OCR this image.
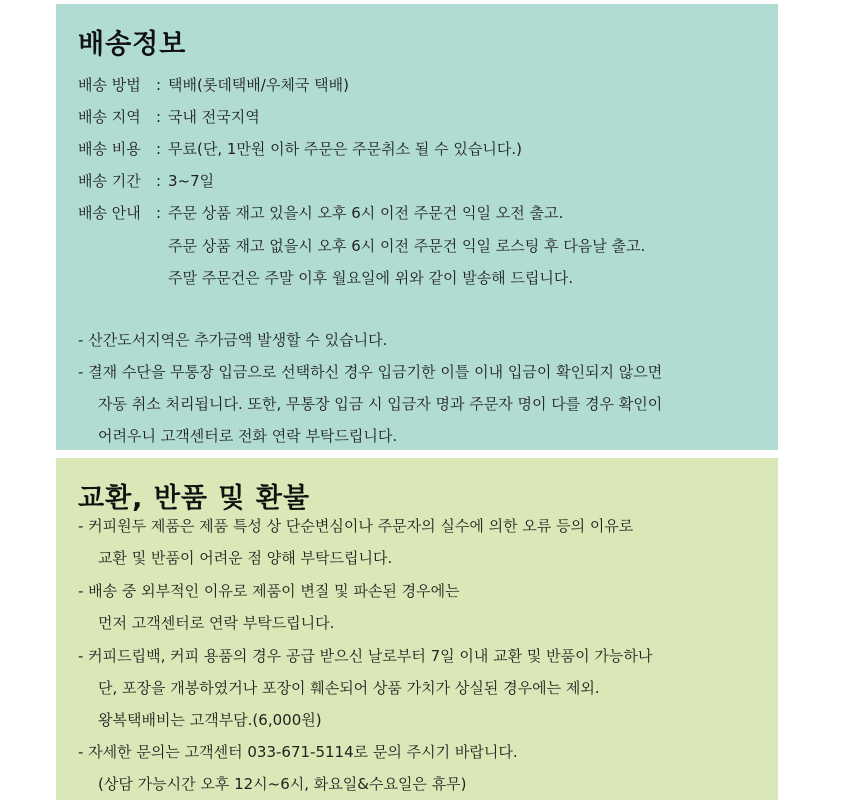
배송정보
배송 방법 : 택배(롯데택배/우체국 택배)
배송 지역 : 국내 전국지역
배송 비용 : 무료(단, 1만원 이하 주문은 주문취소 될 수 있습니다.)
배송 기간 : 3~7일
배송 안내 : 주문 상품 재고 있을시 오후 6시 이전 주문건 익일 오전 출고.
주문 상품 재고 없을시 오후 6시 이전 주문건 익일 로스팅 후 다음날 출고.
주말 주문건은 주말 이후 월요일에 위와 같이 발송해 드립니다.
- 산간도서지역은 추가금액 발생할 수 있습니다.
- 결재 수단을 무통장 입금으로 선택하신 경우 입금기한 이틀 이내 입금이 확인되지 않으면
자동 취소 처리됩니다. 또한, 무통장 입금 시 입금자 명과 주문자 명이 다를 경우 확인이
어려우니 고객센터로 전화 연락 부탁드립니다.
교환, 반품 및 환불
- 커피원두 제품은 제품 특성 상 단순변심이나 주문자의 실수에 의한 오류 등의 이유로
교환 및 반품이 어려운 점 양해 부탁드립니다.
- 배송 중 외부적인 이유로 제품이 변질 및 파손된 경우에는
먼저 고객센터로 연락 부탁드립니다.
- 커피드립백, 커피 용품의 경우 공급 받으신 날로부터 7일 이내 교환 및 반품이 가능하나
단, 포장을 개봉하였거나 포장이 훼손되어 상품 가치가 상실된 경우에는 제외.
왕복택배비는 고객부담.(6,000원)
- 자세한 문의는 고객센터 033-671-5114로 문의 주시기 바랍니다.
(상담 가능시간 오후 12시~6시, 화요일&수요일은 휴무)
